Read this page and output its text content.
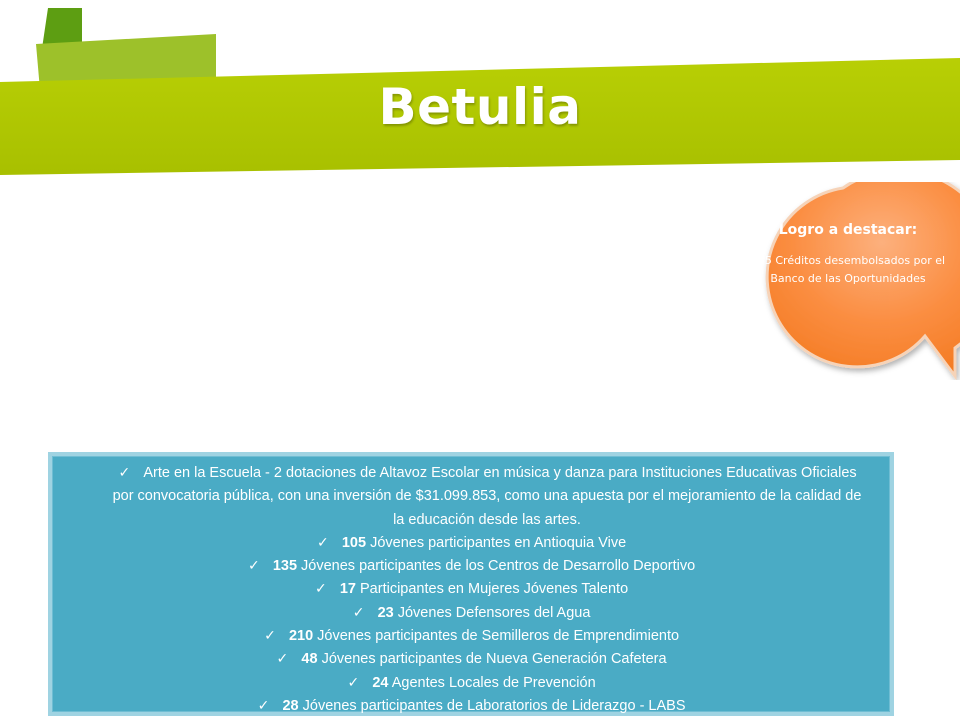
Betulia
Logro a destacar:
235 Créditos desembolsados por el Banco de las Oportunidades
✓ Arte en la Escuela - 2 dotaciones de Altavoz Escolar en música y danza para Instituciones Educativas Oficiales por convocatoria pública, con una inversión de $31.099.853, como una apuesta por el mejoramiento de la calidad de la educación desde las artes.
✓ 105 Jóvenes participantes en Antioquia Vive
✓ 135 Jóvenes participantes de los Centros de Desarrollo Deportivo
✓ 17 Participantes en Mujeres Jóvenes Talento
✓ 23 Jóvenes Defensores del Agua
✓ 210 Jóvenes participantes de Semilleros de Emprendimiento
✓ 48 Jóvenes participantes de Nueva Generación Cafetera
✓ 24 Agentes Locales de Prevención
✓ 28 Jóvenes participantes de Laboratorios de Liderazgo - LABS
